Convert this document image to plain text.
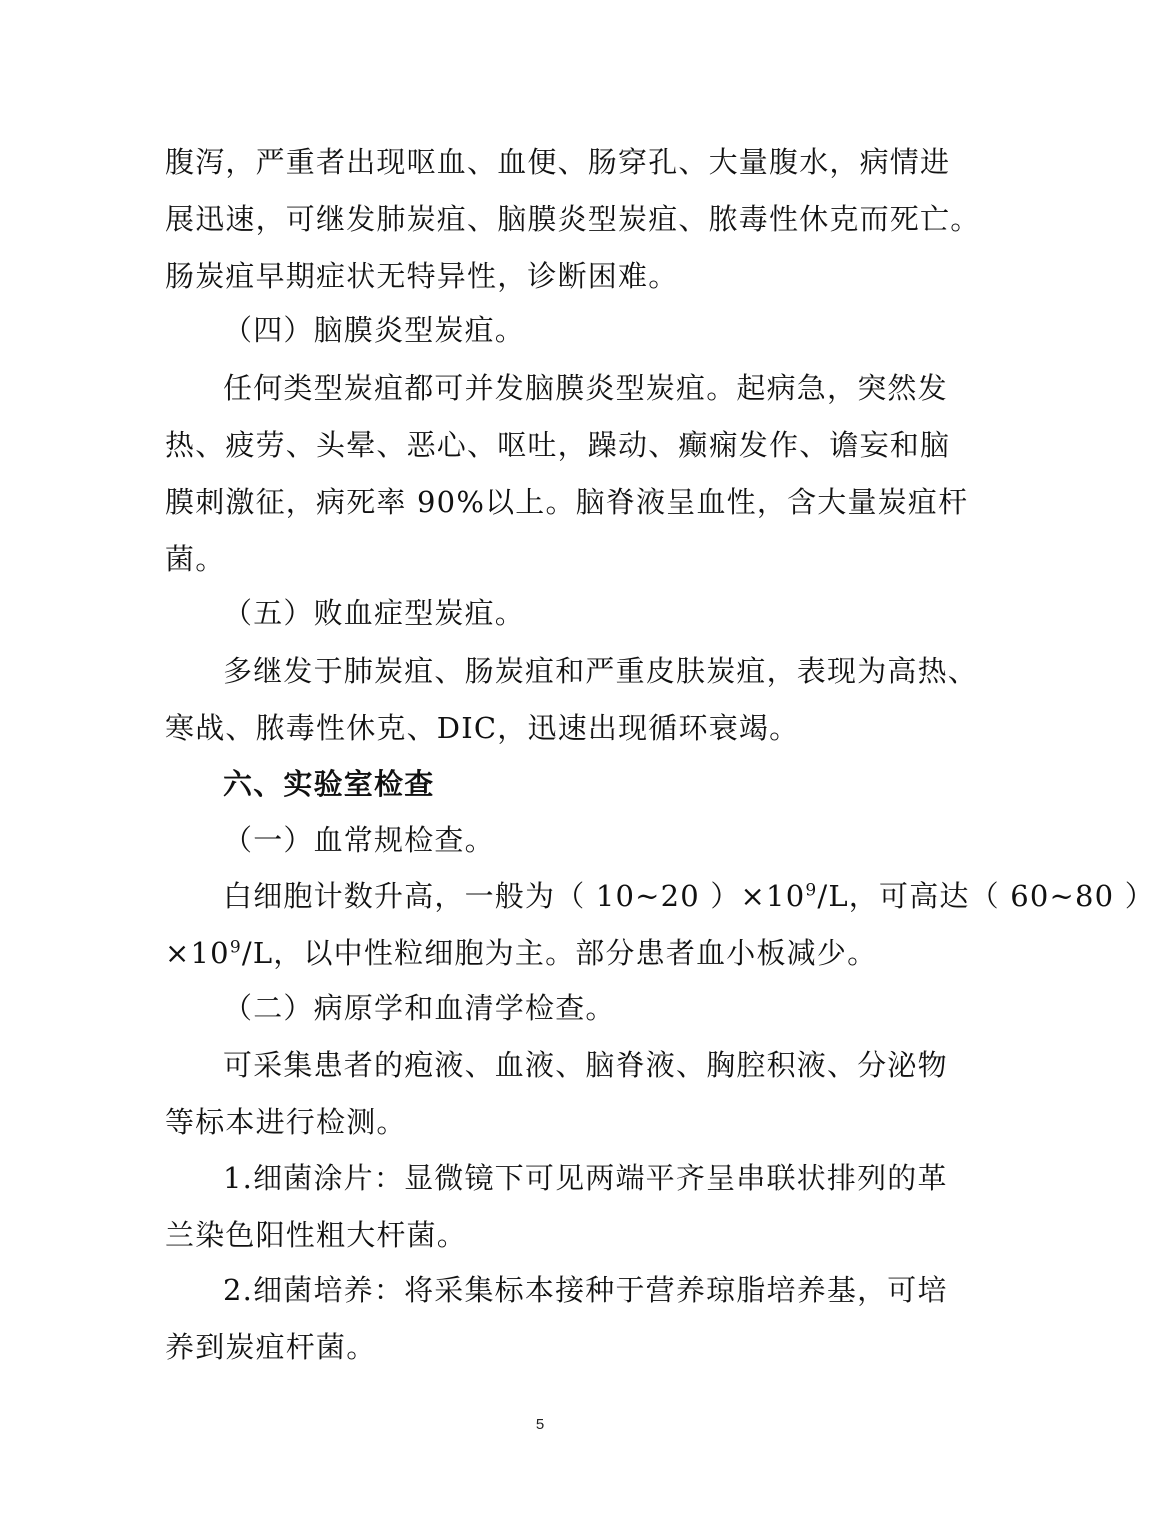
腹泻，严重者出现呕血、血便、肠穿孔、大量腹水，病情进
展迅速，可继发肺炭疽、脑膜炎型炭疽、脓毒性休克而死亡。
肠炭疽早期症状无特异性，诊断困难。
（四）脑膜炎型炭疽。
任何类型炭疽都可并发脑膜炎型炭疽。起病急，突然发
热、疲劳、头晕、恶心、呕吐，躁动、癫痫发作、谵妄和脑
膜刺激征，病死率 90%以上。脑脊液呈血性，含大量炭疽杆
菌。
（五）败血症型炭疽。
多继发于肺炭疽、肠炭疽和严重皮肤炭疽，表现为高热、
寒战、脓毒性休克、DIC，迅速出现循环衰竭。
六、实验室检查
（一）血常规检查。
白细胞计数升高，一般为（ 10~20 ）$\times 10^9/L$，可高达（ 60~80 ）
$\times 10^9/L$，以中性粒细胞为主。部分患者血小板减少。
（二）病原学和血清学检查。
可采集患者的疱液、血液、脑脊液、胸腔积液、分泌物
等标本进行检测。
1.细菌涂片：显微镜下可见两端平齐呈串联状排列的革
兰染色阳性粗大杆菌。
2.细菌培养：将采集标本接种于营养琼脂培养基，可培
养到炭疽杆菌。
5
